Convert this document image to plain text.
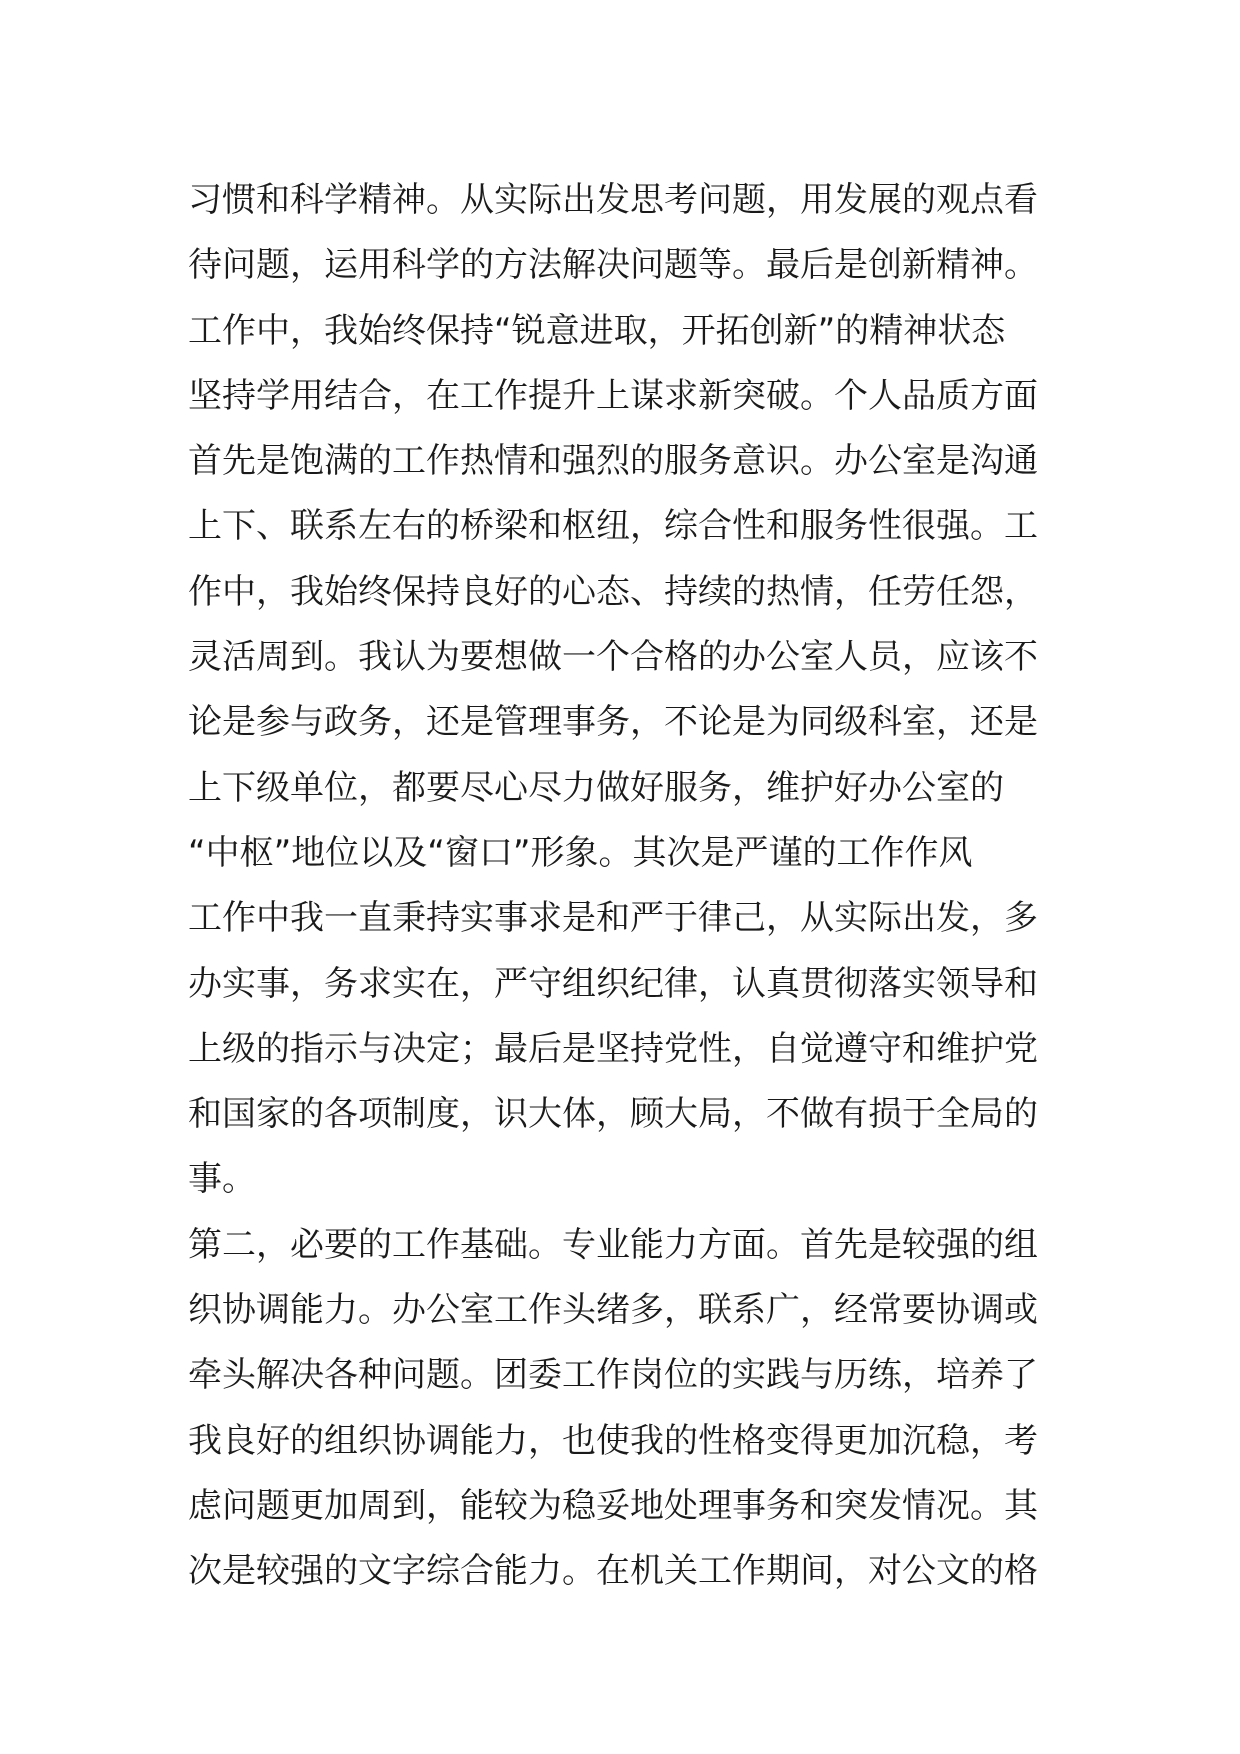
习惯和科学精神。从实际出发思考问题，用发展的观点看
待问题，运用科学的方法解决问题等。最后是创新精神。
工作中，我始终保持“锐意进取，开拓创新”的精神状态
坚持学用结合，在工作提升上谋求新突破。个人品质方面
首先是饱满的工作热情和强烈的服务意识。办公室是沟通
上下、联系左右的桥梁和枢纽，综合性和服务性很强。工
作中，我始终保持良好的心态、持续的热情，任劳任怨，
灵活周到。我认为要想做一个合格的办公室人员，应该不
论是参与政务，还是管理事务，不论是为同级科室，还是
上下级单位，都要尽心尽力做好服务，维护好办公室的
“中枢”地位以及“窗口”形象。其次是严谨的工作作风
工作中我一直秉持实事求是和严于律己，从实际出发，多
办实事，务求实在，严守组织纪律，认真贯彻落实领导和
上级的指示与决定；最后是坚持党性，自觉遵守和维护党
和国家的各项制度，识大体，顾大局，不做有损于全局的
事。
第二，必要的工作基础。专业能力方面。首先是较强的组
织协调能力。办公室工作头绪多，联系广，经常要协调或
牵头解决各种问题。团委工作岗位的实践与历练，培养了
我良好的组织协调能力，也使我的性格变得更加沉稳，考
虑问题更加周到，能较为稳妥地处理事务和突发情况。其
次是较强的文字综合能力。在机关工作期间，对公文的格
